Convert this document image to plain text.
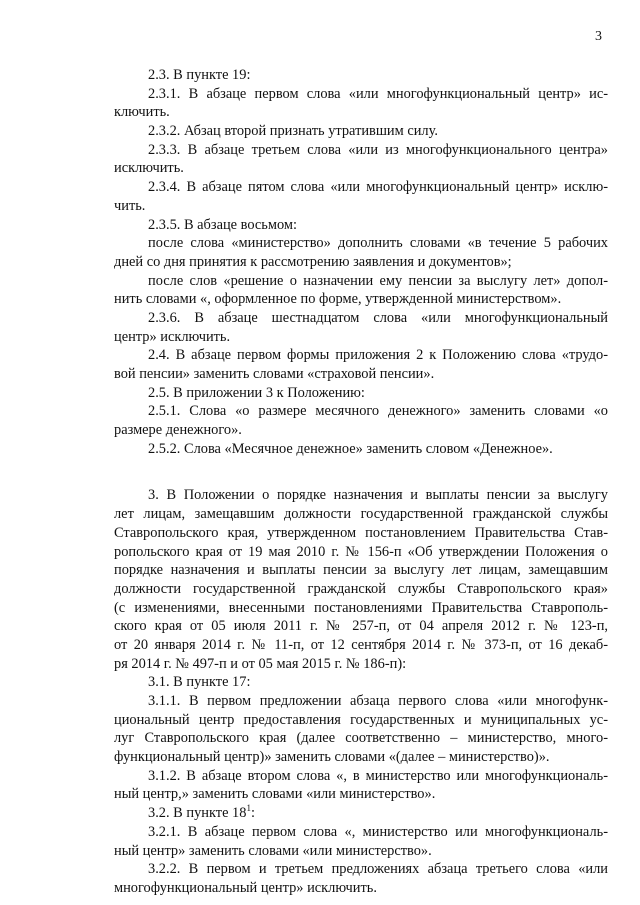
3
2.3. В пункте 19:
2.3.1. В абзаце первом слова «или многофункциональный центр» ис-
ключить.
2.3.2. Абзац второй признать утратившим силу.
2.3.3. В абзаце третьем слова «или из многофункционального центра»
исключить.
2.3.4. В абзаце пятом слова «или многофункциональный центр» исклю-
чить.
2.3.5. В абзаце восьмом:
после слова «министерство» дополнить словами «в течение 5 рабочих
дней со дня принятия к рассмотрению заявления и документов»;
после слов «решение о назначении ему пенсии за выслугу лет» допол-
нить словами «, оформленное по форме, утвержденной министерством».
2.3.6. В абзаце шестнадцатом слова «или многофункциональный
центр» исключить.
2.4. В абзаце первом формы приложения 2 к Положению слова «трудо-
вой пенсии» заменить словами «страховой пенсии».
2.5. В приложении 3 к Положению:
2.5.1. Слова «о размере месячного денежного» заменить словами «о
размере денежного».
2.5.2. Слова «Месячное денежное» заменить словом «Денежное».
3. В Положении о порядке назначения и выплаты пенсии за выслугу
лет лицам, замещавшим должности государственной гражданской службы
Ставропольского края, утвержденном постановлением Правительства Став-
ропольского края от 19 мая 2010 г. № 156-п «Об утверждении Положения о
порядке назначения и выплаты пенсии за выслугу лет лицам, замещавшим
должности государственной гражданской службы Ставропольского края»
(с изменениями, внесенными постановлениями Правительства Ставрополь-
ского края от 05 июля 2011 г. № 257-п, от 04 апреля 2012 г. № 123-п,
от 20 января 2014 г. № 11-п, от 12 сентября 2014 г. № 373-п, от 16 декаб-
ря 2014 г. № 497-п и от 05 мая 2015 г. № 186-п):
3.1. В пункте 17:
3.1.1. В первом предложении абзаца первого слова «или многофунк-
циональный центр предоставления государственных и муниципальных ус-
луг Ставропольского края (далее соответственно – министерство, много-
функциональный центр)» заменить словами «(далее – министерство)».
3.1.2. В абзаце втором слова «, в министерство или многофункциональ-
ный центр,» заменить словами «или министерство».
3.2. В пункте $18^1$:
3.2.1. В абзаце первом слова «, министерство или многофункциональ-
ный центр» заменить словами «или министерство».
3.2.2. В первом и третьем предложениях абзаца третьего слова «или
многофункциональный центр» исключить.
